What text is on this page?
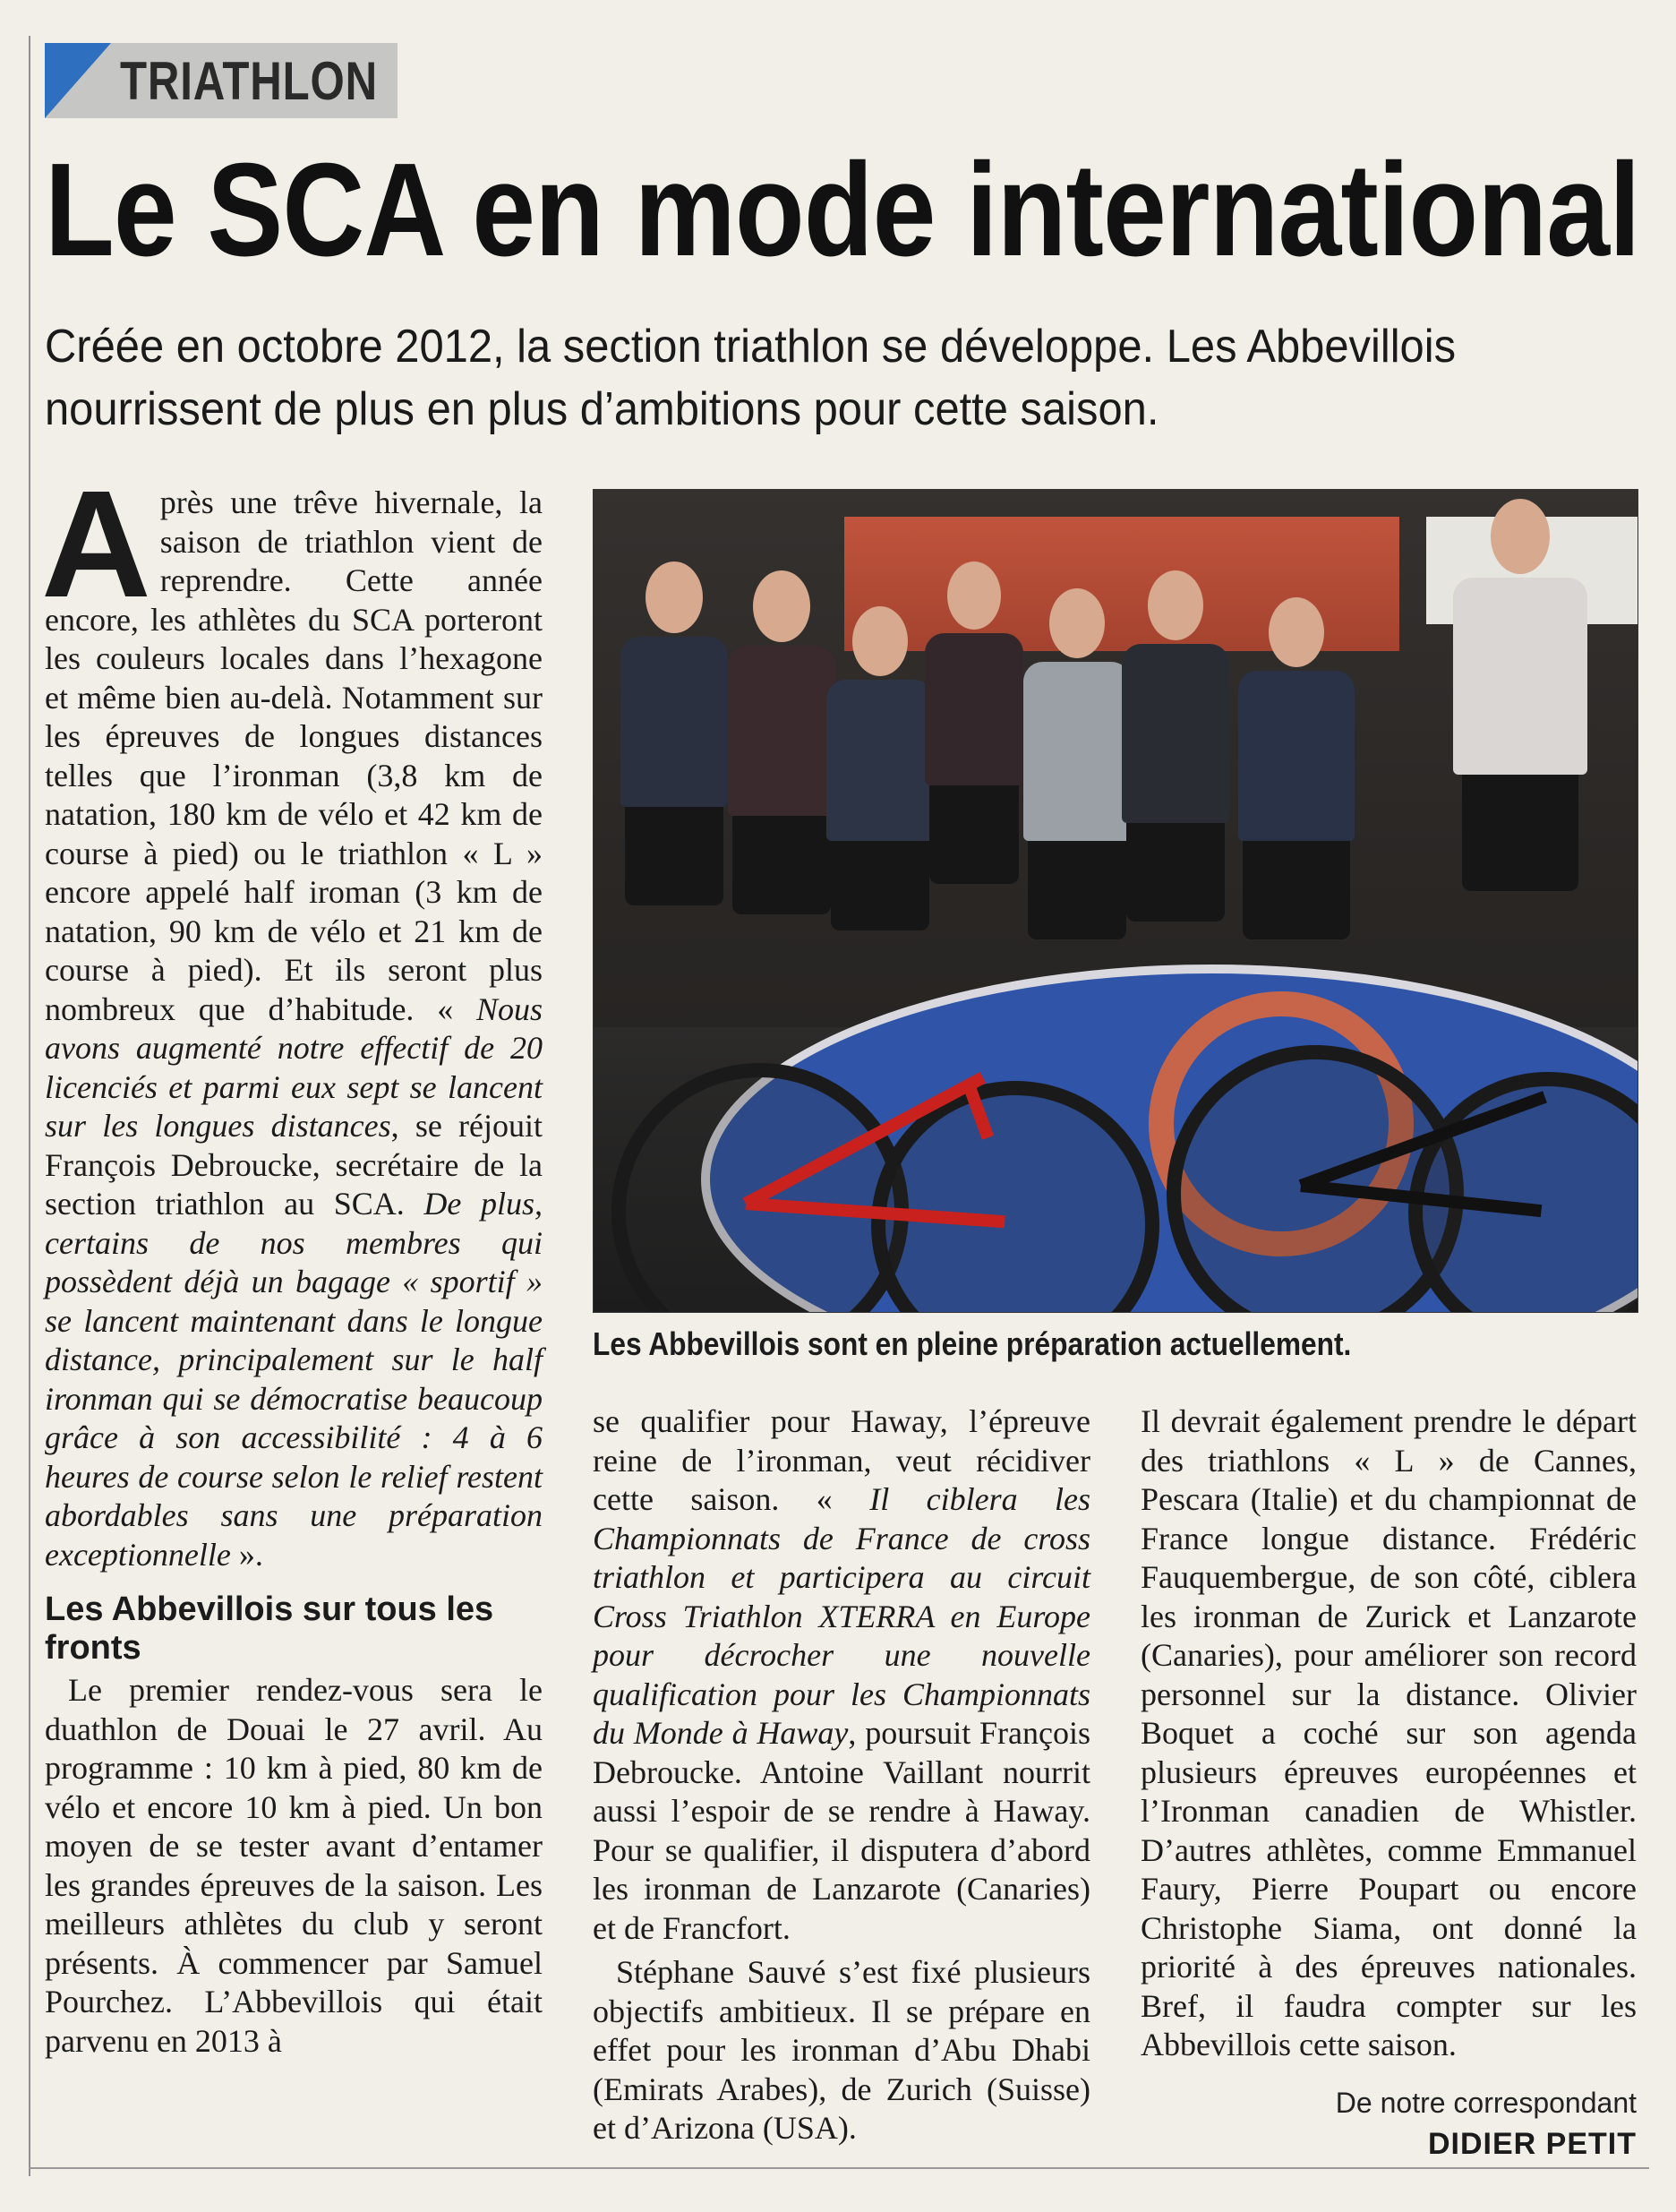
TRIATHLON
Le SCA en mode international

Créée en octobre 2012, la section triathlon se développe. Les Abbevillois

nourrissent de plus en plus d’ambitions pour cette saison.

Après une trêve hivernale, la saison de triathlon vient de reprendre. Cette année encore, les athlètes du SCA porteront les couleurs locales dans l’hexagone et même bien au-delà. Notamment sur les épreuves de longues distances telles que l’ironman (3,8 km de natation, 180 km de vélo et 42 km de course à pied) ou le triathlon « L » encore appelé half iroman (3 km de natation, 90 km de vélo et 21 km de course à pied). Et ils seront plus nombreux que d’habitude. « Nous avons augmenté notre effectif de 20 licenciés et parmi eux sept se lancent sur les longues distances, se réjouit François Debroucke, secrétaire de la section triathlon au SCA. De plus, certains de nos membres qui possèdent déjà un bagage « sportif » se lancent maintenant dans le longue distance, principalement sur le half ironman qui se démocratise beaucoup grâce à son accessibilité : 4 à 6 heures de course selon le relief restent abordables sans une préparation exceptionnelle ».

Les Abbevillois sur tous les fronts

Le premier rendez-vous sera le duathlon de Douai le 27 avril. Au programme : 10 km à pied, 80 km de vélo et encore 10 km à pied. Un bon moyen de se tester avant d’entamer les grandes épreuves de la saison. Les meilleurs athlètes du club y seront présents. À commencer par Samuel Pourchez. L’Abbevillois qui était parvenu en 2013 à

Les Abbevillois sont en pleine préparation actuellement.

se qualifier pour Haway, l’épreuve reine de l’ironman, veut récidiver cette saison. « Il ciblera les Championnats de France de cross triathlon et participera au circuit Cross Triathlon XTERRA en Europe pour décrocher une nouvelle qualification pour les Championnats du Monde à Haway, poursuit François Debroucke. Antoine Vaillant nourrit aussi l’espoir de se rendre à Haway. Pour se qualifier, il disputera d’abord les ironman de Lanzarote (Canaries) et de Francfort.

Stéphane Sauvé s’est fixé plusieurs objectifs ambitieux. Il se prépare en effet pour les ironman d’Abu Dhabi (Emirats Arabes), de Zurich (Suisse) et d’Arizona (USA).

Il devrait également prendre le départ des triathlons « L » de Cannes, Pescara (Italie) et du championnat de France longue distance. Frédéric Fauquembergue, de son côté, ciblera les ironman de Zurick et Lanzarote (Canaries), pour améliorer son record personnel sur la distance. Olivier Boquet a coché sur son agenda plusieurs épreuves européennes et l’Ironman canadien de Whistler. D’autres athlètes, comme Emmanuel Faury, Pierre Poupart ou encore Christophe Siama, ont donné la priorité à des épreuves nationales. Bref, il faudra compter sur les Abbevillois cette saison.

De notre correspondant
DIDIER PETIT
